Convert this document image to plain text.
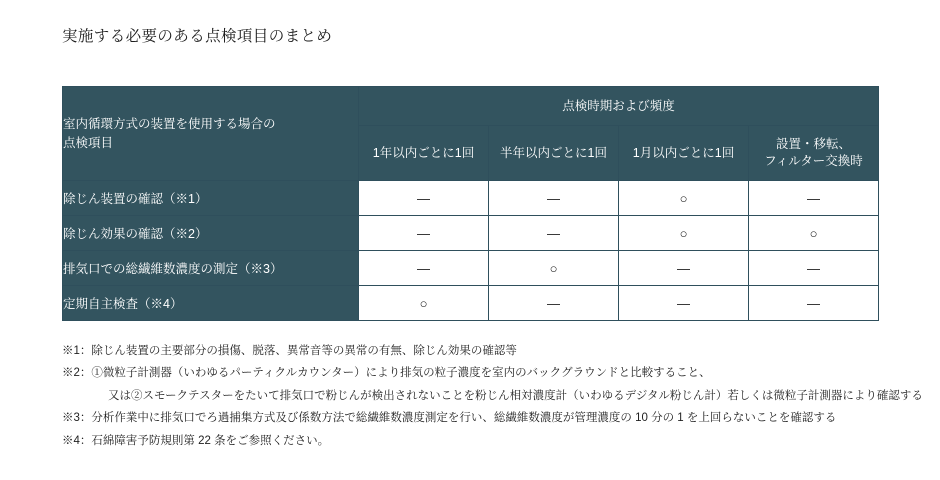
実施する必要のある点検項目のまとめ
室内循環方式の装置を使用する場合の
点検項目	点検時期および頻度			
	1年以内ごとに1回	半年以内ごとに1回	1月以内ごとに1回	設置・移転、
フィルター交換時

除じん装置の確認（※1）	—	—	○	—
除じん効果の確認（※2）	—	—	○	○
排気口での総繊維数濃度の測定（※3）	—	○	—	—
定期自主検査（※4）	○	—	—	—
※1：除じん装置の主要部分の損傷、脱落、異常音等の異常の有無、除じん効果の確認等
※2：①微粒子計測器（いわゆるパーティクルカウンター）により排気の粒子濃度を室内のバックグラウンドと比較すること、
又は②スモークテスターをたいて排気口で粉じんが検出されないことを粉じん相対濃度計（いわゆるデジタル粉じん計）若しくは微粒子計測器により確認する
※3：分析作業中に排気口でろ過捕集方式及び係数方法で総繊維数濃度測定を行い、総繊維数濃度が管理濃度の 10 分の 1 を上回らないことを確認する
※4：石綿障害予防規則第 22 条をご参照ください。
